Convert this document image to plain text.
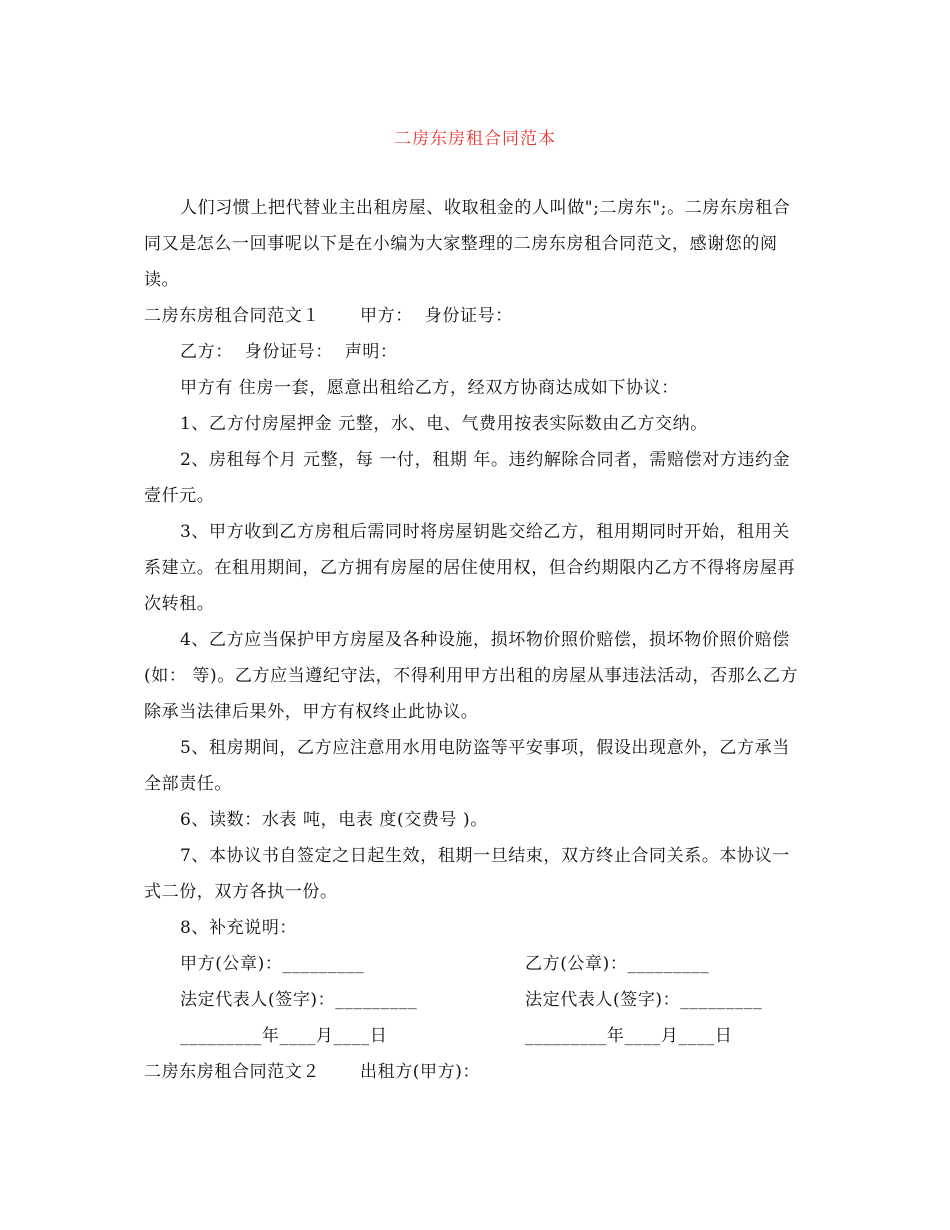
二房东房租合同范本

人们习惯上把代替业主出租房屋、收取租金的人叫做";二房东";。二房东房租合同又是怎么一回事呢以下是在小编为大家整理的二房东房租合同范文，感谢您的阅读。

二房东房租合同范文１ 甲方：  身份证号：

乙方：  身份证号：  声明：

甲方有 住房一套，愿意出租给乙方，经双方协商达成如下协议：

1、乙方付房屋押金 元整，水、电、气费用按表实际数由乙方交纳。

2、房租每个月 元整，每 一付，租期 年。违约解除合同者，需赔偿对方违约金壹仟元。

3、甲方收到乙方房租后需同时将房屋钥匙交给乙方，租用期同时开始，租用关系建立。在租用期间，乙方拥有房屋的居住使用权，但合约期限内乙方不得将房屋再次转租。

4、乙方应当保护甲方房屋及各种设施，损坏物价照价赔偿，损坏物价照价赔偿(如： 等)。乙方应当遵纪守法，不得利用甲方出租的房屋从事违法活动，否那么乙方除承当法律后果外，甲方有权终止此协议。

5、租房期间，乙方应注意用水用电防盗等平安事项，假设出现意外，乙方承当全部责任。

6、读数：水表 吨，电表 度(交费号 )。

7、本协议书自签定之日起生效，租期一旦结束，双方终止合同关系。本协议一式二份，双方各执一份。

8、补充说明：

甲方(公章)：_________	乙方(公章)：_________
法定代表人(签字)：_________	法定代表人(签字)：_________
_________年____月____日	_________年____月____日
二房东房租合同范文２ 出租方(甲方)：
